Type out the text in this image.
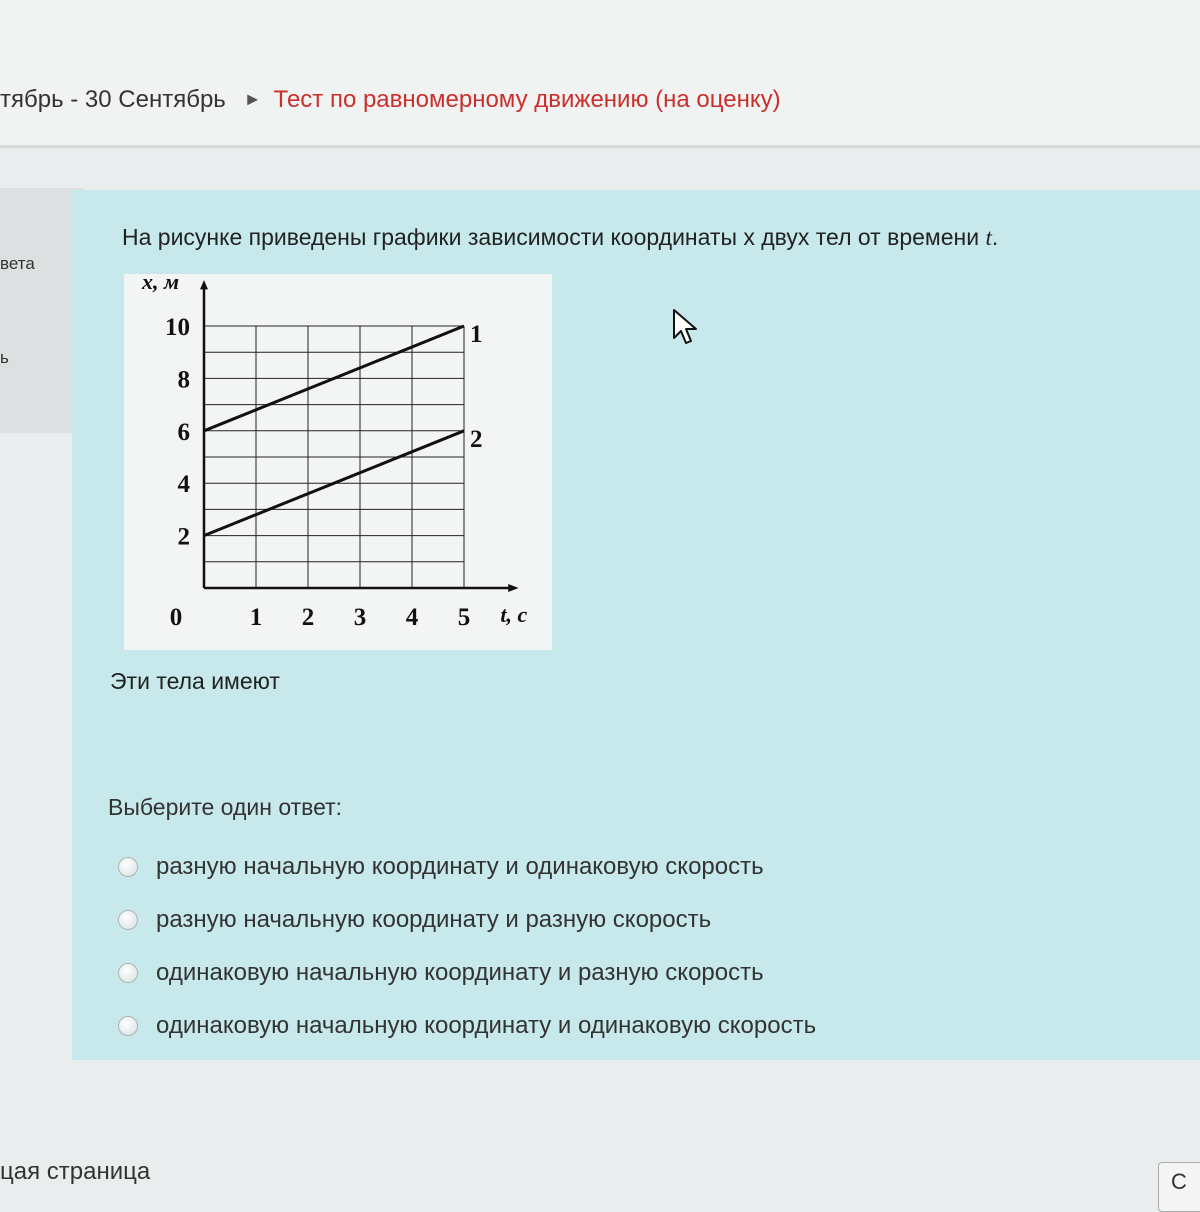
тябрь - 30 Сентябрь ► Тест по равномерному движению (на оценку)
вета
ь
На рисунке приведены графики зависимости координаты x двух тел от времени t.
2
4
6
8
10
0	1 2 3 4 5
x, м
t, с
1
2
Эти тела имеют
Выберите один ответ:
разную начальную координату и одинаковую скорость
разную начальную координату и разную скорость
одинаковую начальную координату и разную скорость
одинаковую начальную координату и одинаковую скорость
цая страница	С
